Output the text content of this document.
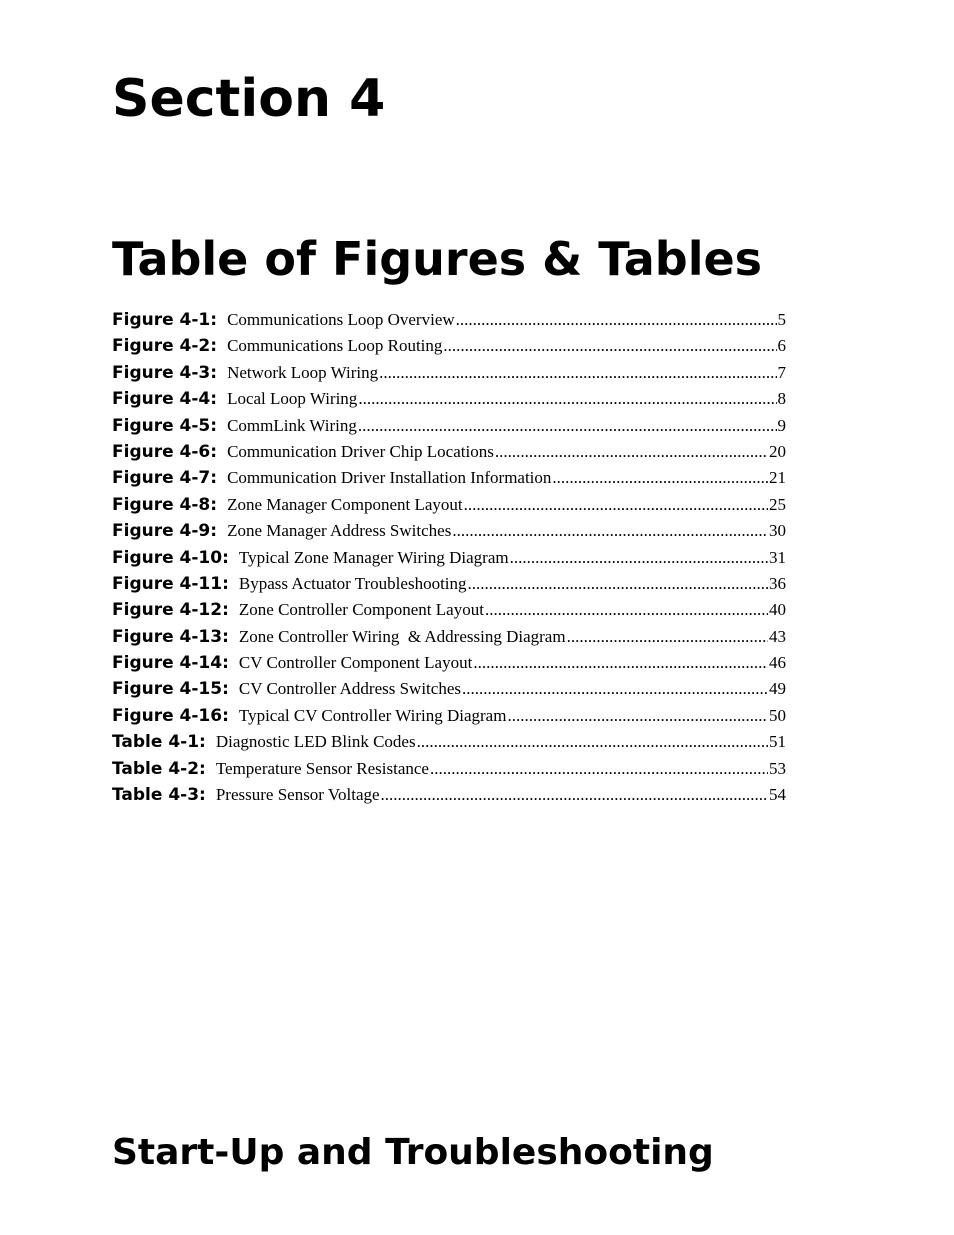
Section 4
Table of Figures & Tables
Figure 4-1: Communications Loop Overview .....	5
Figure 4-2: Communications Loop Routing .....	6
Figure 4-3: Network Loop Wiring .....	7
Figure 4-4: Local Loop Wiring .....	8
Figure 4-5: CommLink Wiring .....	9
Figure 4-6: Communication Driver Chip Locations .....	20
Figure 4-7: Communication Driver Installation Information .....	21
Figure 4-8: Zone Manager Component Layout .....	25
Figure 4-9: Zone Manager Address Switches .....	30
Figure 4-10: Typical Zone Manager Wiring Diagram .....	31
Figure 4-11: Bypass Actuator Troubleshooting .....	36
Figure 4-12: Zone Controller Component Layout .....	40
Figure 4-13: Zone Controller Wiring  & Addressing Diagram .....	43
Figure 4-14: CV Controller Component Layout .....	46
Figure 4-15: CV Controller Address Switches .....	49
Figure 4-16: Typical CV Controller Wiring Diagram .....	50
Table 4-1: Diagnostic LED Blink Codes .....	51
Table 4-2: Temperature Sensor Resistance .....	53
Table 4-3: Pressure Sensor Voltage .....	54
Start-Up and Troubleshooting
